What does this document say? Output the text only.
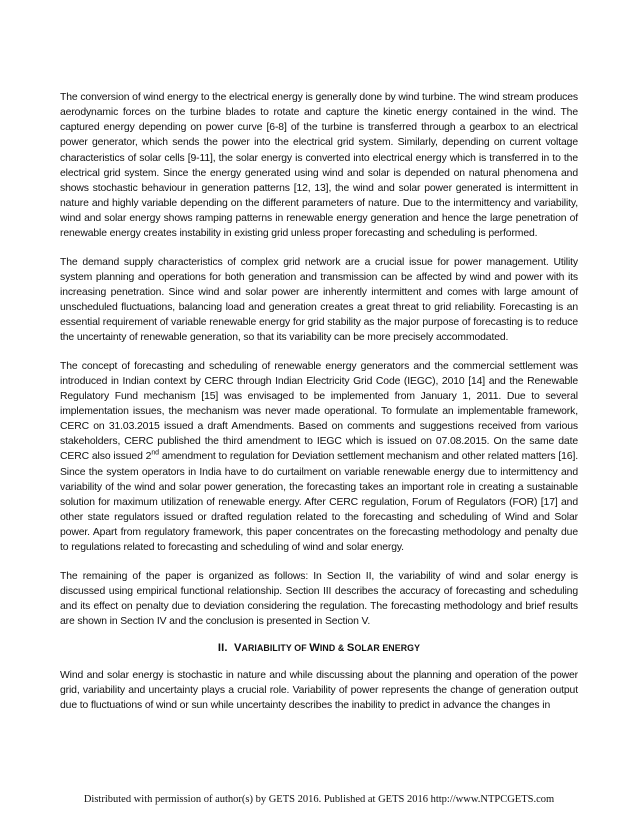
The conversion of wind energy to the electrical energy is generally done by wind turbine. The wind stream produces aerodynamic forces on the turbine blades to rotate and capture the kinetic energy contained in the wind. The captured energy depending on power curve [6-8] of the turbine is transferred through a gearbox to an electrical power generator, which sends the power into the electrical grid system. Similarly, depending on current voltage characteristics of solar cells [9-11], the solar energy is converted into electrical energy which is transferred in to the electrical grid system. Since the energy generated using wind and solar is depended on natural phenomena and shows stochastic behaviour in generation patterns [12, 13], the wind and solar power generated is intermittent in nature and highly variable depending on the different parameters of nature. Due to the intermittency and variability, wind and solar energy shows ramping patterns in renewable energy generation and hence the large penetration of renewable energy creates instability in existing grid unless proper forecasting and scheduling is performed.

The demand supply characteristics of complex grid network are a crucial issue for power management. Utility system planning and operations for both generation and transmission can be affected by wind and power with its increasing penetration. Since wind and solar power are inherently intermittent and comes with large amount of unscheduled fluctuations, balancing load and generation creates a great threat to grid reliability. Forecasting is an essential requirement of variable renewable energy for grid stability as the major purpose of forecasting is to reduce the uncertainty of renewable generation, so that its variability can be more precisely accommodated.

The concept of forecasting and scheduling of renewable energy generators and the commercial settlement was introduced in Indian context by CERC through Indian Electricity Grid Code (IEGC), 2010 [14] and the Renewable Regulatory Fund mechanism [15] was envisaged to be implemented from January 1, 2011. Due to several implementation issues, the mechanism was never made operational. To formulate an implementable framework, CERC on 31.03.2015 issued a draft Amendments. Based on comments and suggestions received from various stakeholders, CERC published the third amendment to IEGC which is issued on 07.08.2015. On the same date CERC also issued 2nd amendment to regulation for Deviation settlement mechanism and other related matters [16]. Since the system operators in India have to do curtailment on variable renewable energy due to intermittency and variability of the wind and solar power generation, the forecasting takes an important role in creating a sustainable solution for maximum utilization of renewable energy. After CERC regulation, Forum of Regulators (FOR) [17] and other state regulators issued or drafted regulation related to the forecasting and scheduling of Wind and Solar power. Apart from regulatory framework, this paper concentrates on the forecasting methodology and penalty due to regulations related to forecasting and scheduling of wind and solar energy.

The remaining of the paper is organized as follows: In Section II, the variability of wind and solar energy is discussed using empirical functional relationship. Section III describes the accuracy of forecasting and scheduling and its effect on penalty due to deviation considering the regulation. The forecasting methodology and brief results are shown in Section IV and the conclusion is presented in Section V.

II. VARIABILITY OF WIND & SOLAR ENERGY

Wind and solar energy is stochastic in nature and while discussing about the planning and operation of the power grid, variability and uncertainty plays a crucial role. Variability of power represents the change of generation output due to fluctuations of wind or sun while uncertainty describes the inability to predict in advance the changes in

Distributed with permission of author(s) by GETS 2016. Published at GETS 2016 http://www.NTPCGETS.com
